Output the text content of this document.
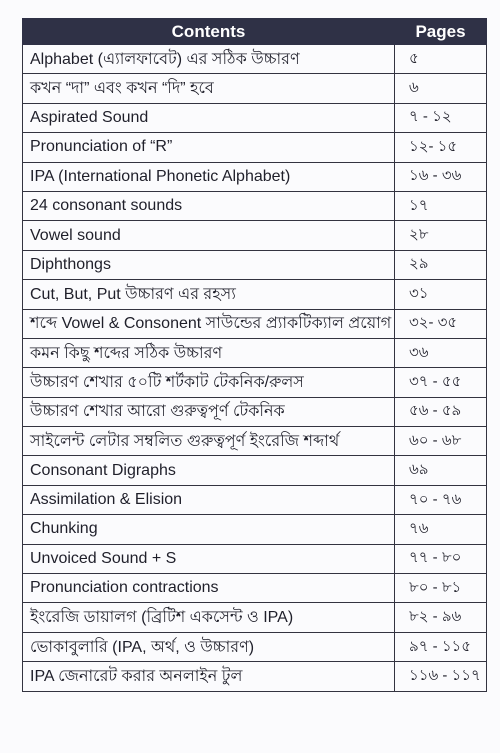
Contents	Pages
Alphabet (এ্যালফাবেট) এর সঠিক উচ্চারণ	৫
কখন “দা” এবং কখন “দি” হবে	৬
Aspirated Sound	৭ - ১২
Pronunciation of “R”	১২- ১৫
IPA (International Phonetic Alphabet)	১৬ - ৩৬
24 consonant sounds	১৭
Vowel sound	২৮
Diphthongs	২৯
Cut, But, Put উচ্চারণ এর রহস্য	৩১
শব্দে Vowel & Consonent সাউন্ডের প্র্যাকটিক্যাল প্রয়োগ	৩২- ৩৫
কমন কিছু শব্দের সঠিক উচ্চারণ	৩৬
উচ্চারণ শেখার ৫০টি শর্টকাট টেকনিক/রুলস	৩৭ - ৫৫
উচ্চারণ শেখার আরো গুরুত্বপূর্ণ টেকনিক	৫৬ - ৫৯
সাইলেন্ট লেটার সম্বলিত গুরুত্বপূর্ণ ইংরেজি শব্দার্থ	৬০ - ৬৮
Consonant Digraphs	৬৯
Assimilation & Elision	৭০ - ৭৬
Chunking	৭৬
Unvoiced Sound + S	৭৭ - ৮০
Pronunciation contractions	৮০ - ৮১
ইংরেজি ডায়ালগ (ব্রিটিশ একসেন্ট ও IPA)	৮২ - ৯৬
ভোকাবুলারি (IPA, অর্থ, ও উচ্চারণ)	৯৭ - ১১৫
IPA জেনারেট করার অনলাইন টুল	১১৬ - ১১৭
